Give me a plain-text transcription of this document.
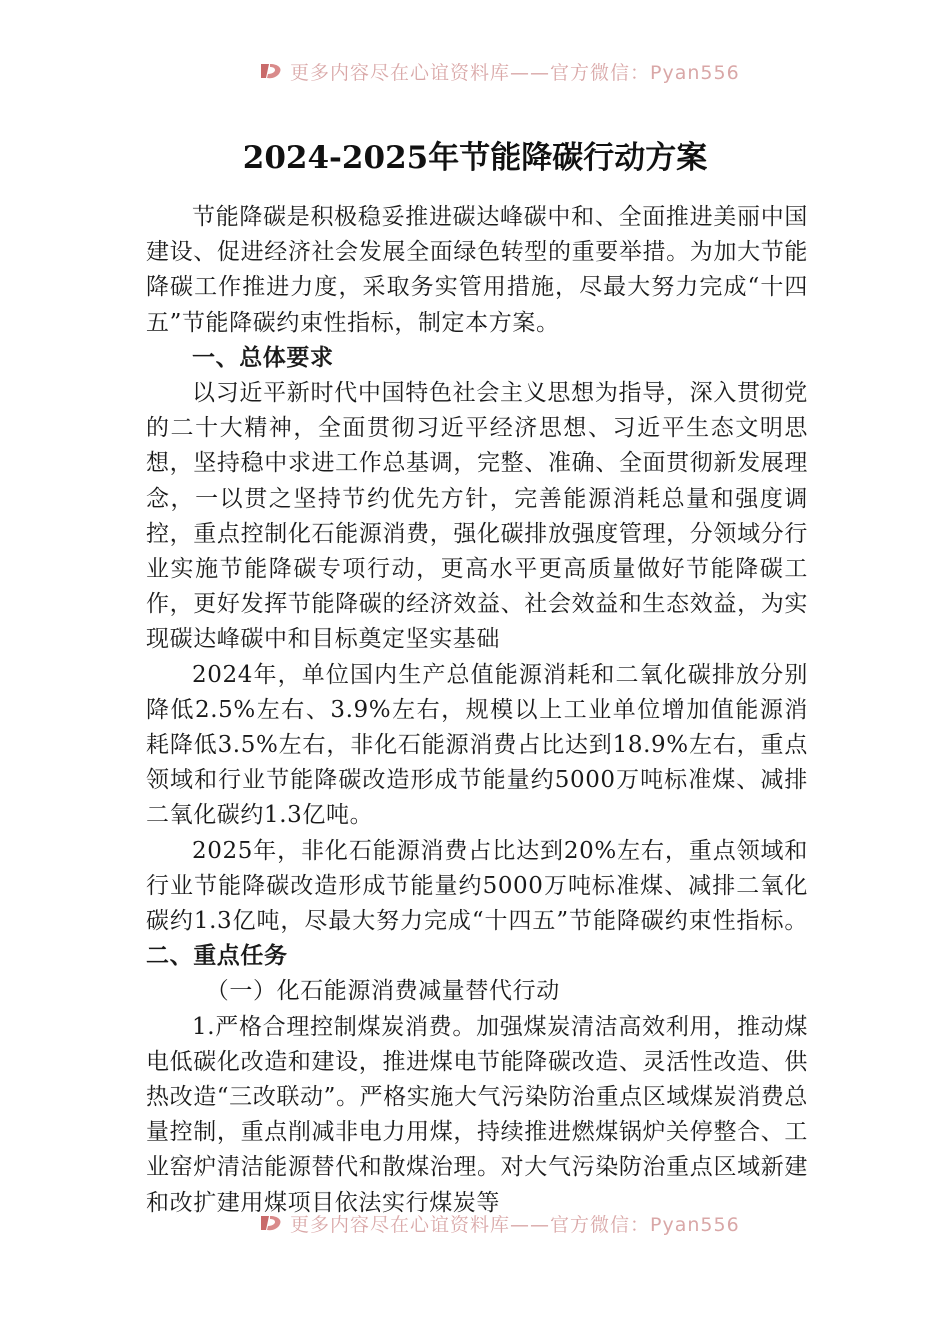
更多内容尽在心谊资料库——官方微信：Pyan556
2024-2025年节能降碳行动方案

节能降碳是积极稳妥推进碳达峰碳中和、全面推进美丽中国建设、促进经济社会发展全面绿色转型的重要举措。为加大节能降碳工作推进力度，采取务实管用措施，尽最大努力完成“十四五”节能降碳约束性指标，制定本方案。

一、总体要求

以习近平新时代中国特色社会主义思想为指导，深入贯彻党的二十大精神，全面贯彻习近平经济思想、习近平生态文明思想，坚持稳中求进工作总基调，完整、准确、全面贯彻新发展理念，一以贯之坚持节约优先方针，完善能源消耗总量和强度调控，重点控制化石能源消费，强化碳排放强度管理，分领域分行业实施节能降碳专项行动，更高水平更高质量做好节能降碳工作，更好发挥节能降碳的经济效益、社会效益和生态效益，为实现碳达峰碳中和目标奠定坚实基础

2024年，单位国内生产总值能源消耗和二氧化碳排放分别降低2.5%左右、3.9%左右，规模以上工业单位增加值能源消耗降低3.5%左右，非化石能源消费占比达到18.9%左右，重点领域和行业节能降碳改造形成节能量约5000万吨标准煤、减排二氧化碳约1.3亿吨。

2025年，非化石能源消费占比达到20%左右，重点领域和行业节能降碳改造形成节能量约5000万吨标准煤、减排二氧化碳约1.3亿吨，尽最大努力完成“十四五”节能降碳约束性指标。二、重点任务

（一）化石能源消费减量替代行动

1.严格合理控制煤炭消费。加强煤炭清洁高效利用，推动煤电低碳化改造和建设，推进煤电节能降碳改造、灵活性改造、供热改造“三改联动”。严格实施大气污染防治重点区域煤炭消费总量控制，重点削减非电力用煤，持续推进燃煤锅炉关停整合、工业窑炉清洁能源替代和散煤治理。对大气污染防治重点区域新建和改扩建用煤项目依法实行煤炭等

更多内容尽在心谊资料库——官方微信：Pyan556
